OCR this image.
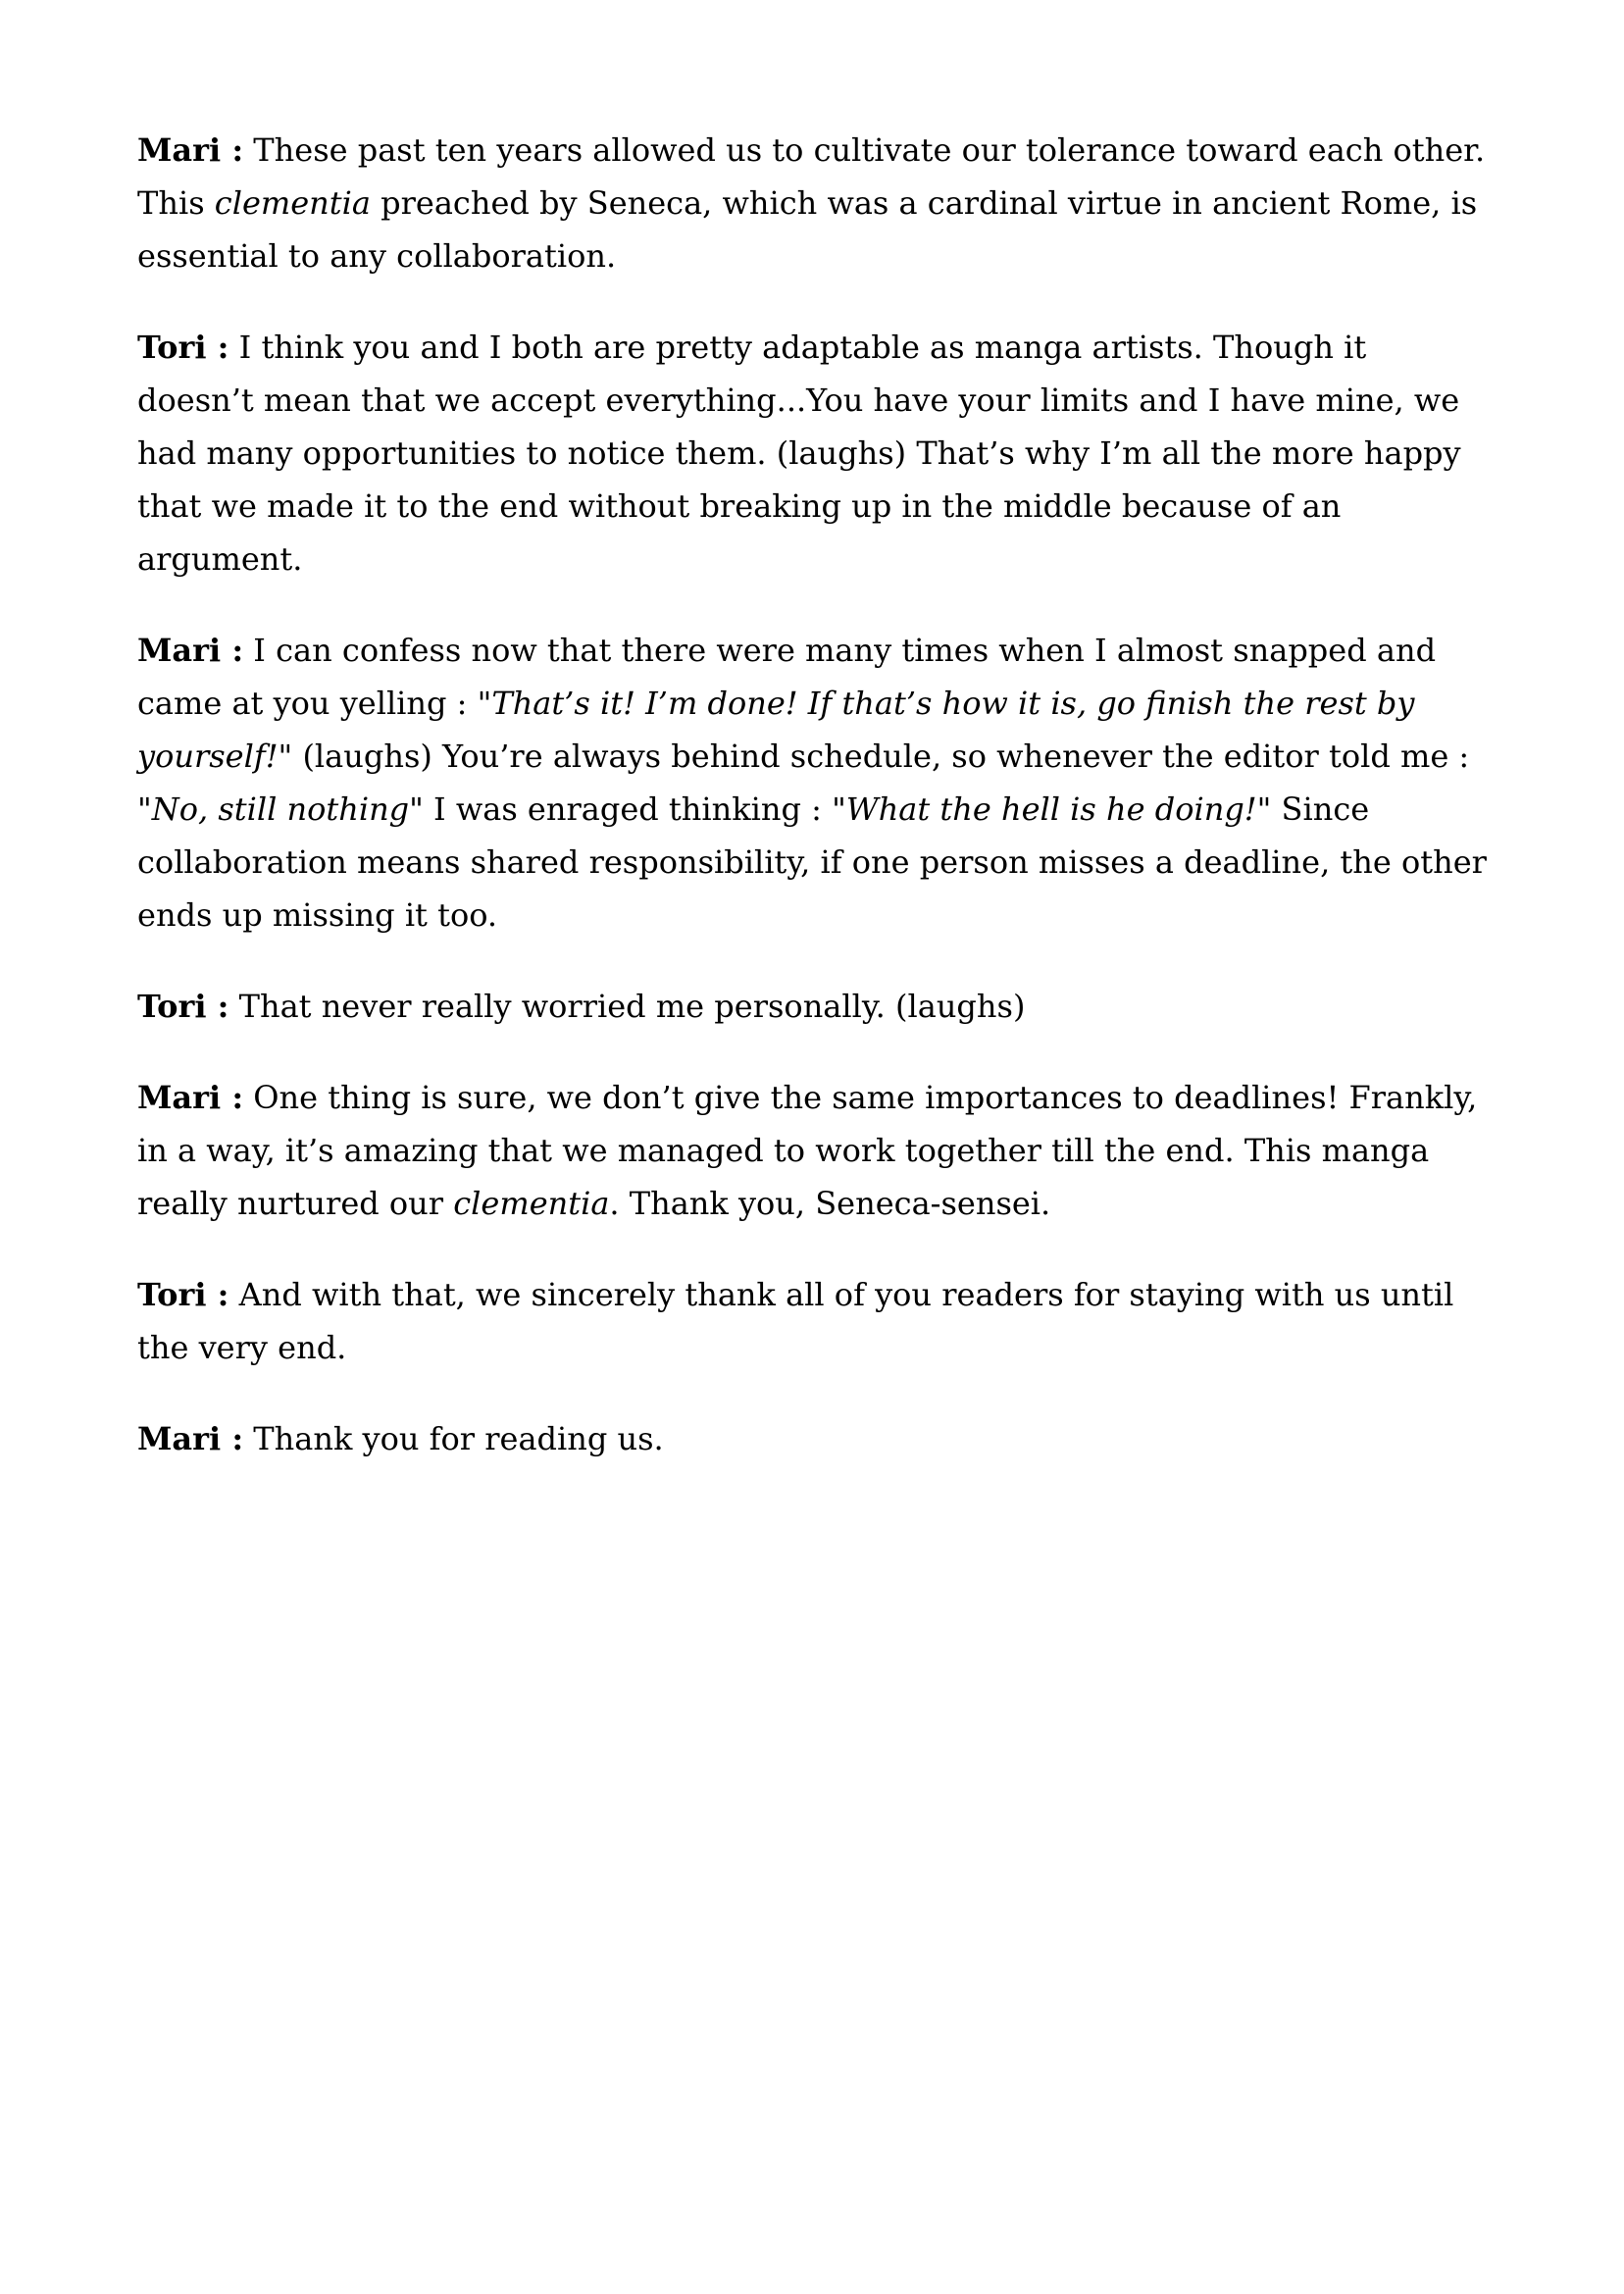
Mari : These past ten years allowed us to cultivate our tolerance toward each other. This clementia preached by Seneca, which was a cardinal virtue in ancient Rome, is essential to any collaboration.

Tori : I think you and I both are pretty adaptable as manga artists. Though it doesn’t mean that we accept everything...You have your limits and I have mine, we had many opportunities to notice them. (laughs) That’s why I’m all the more happy that we made it to the end without breaking up in the middle because of an argument.

Mari : I can confess now that there were many times when I almost snapped and came at you yelling : "That’s it! I’m done! If that’s how it is, go finish the rest by yourself!" (laughs) You’re always behind schedule, so whenever the editor told me : "No, still nothing" I was enraged thinking : "What the hell is he doing!" Since collaboration means shared responsibility, if one person misses a deadline, the other ends up missing it too.

Tori : That never really worried me personally. (laughs)

Mari : One thing is sure, we don’t give the same importances to deadlines! Frankly, in a way, it’s amazing that we managed to work together till the end. This manga really nurtured our clementia. Thank you, Seneca-sensei.

Tori : And with that, we sincerely thank all of you readers for staying with us until the very end.

Mari : Thank you for reading us.
